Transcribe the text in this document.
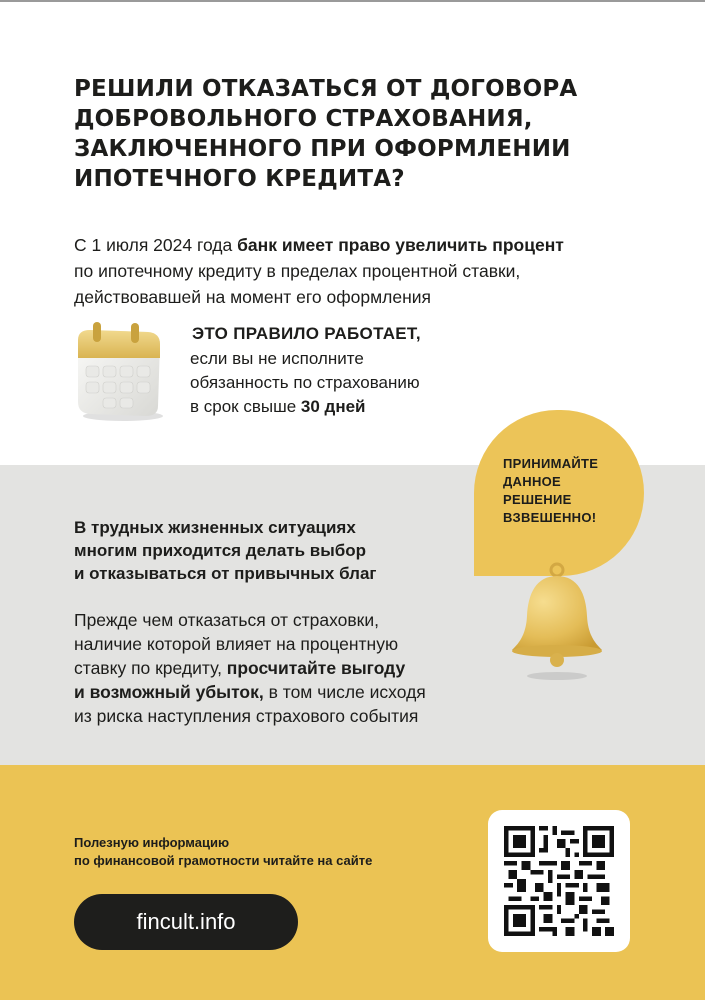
РЕШИЛИ ОТКАЗАТЬСЯ ОТ ДОГОВОРА
ДОБРОВОЛЬНОГО СТРАХОВАНИЯ,
ЗАКЛЮЧЕННОГО ПРИ ОФОРМЛЕНИИ
ИПОТЕЧНОГО КРЕДИТА?
С 1 июля 2024 года банк имеет право увеличить процент
по ипотечному кредиту в пределах процентной ставки,
действовавшей на момент его оформления
ЭТО ПРАВИЛО РАБОТАЕТ,
если вы не исполните
обязанность по страхованию
в срок свыше 30 дней
ПРИНИМАЙТЕ
ДАННОЕ
РЕШЕНИЕ
ВЗВЕШЕННО!
В трудных жизненных ситуациях
многим приходится делать выбор
и отказываться от привычных благ
Прежде чем отказаться от страховки,
наличие которой влияет на процентную
ставку по кредиту, просчитайте выгоду
и возможный убыток, в том числе исходя
из риска наступления страхового события
Полезную информацию
по финансовой грамотности читайте на сайте
fincult.info
